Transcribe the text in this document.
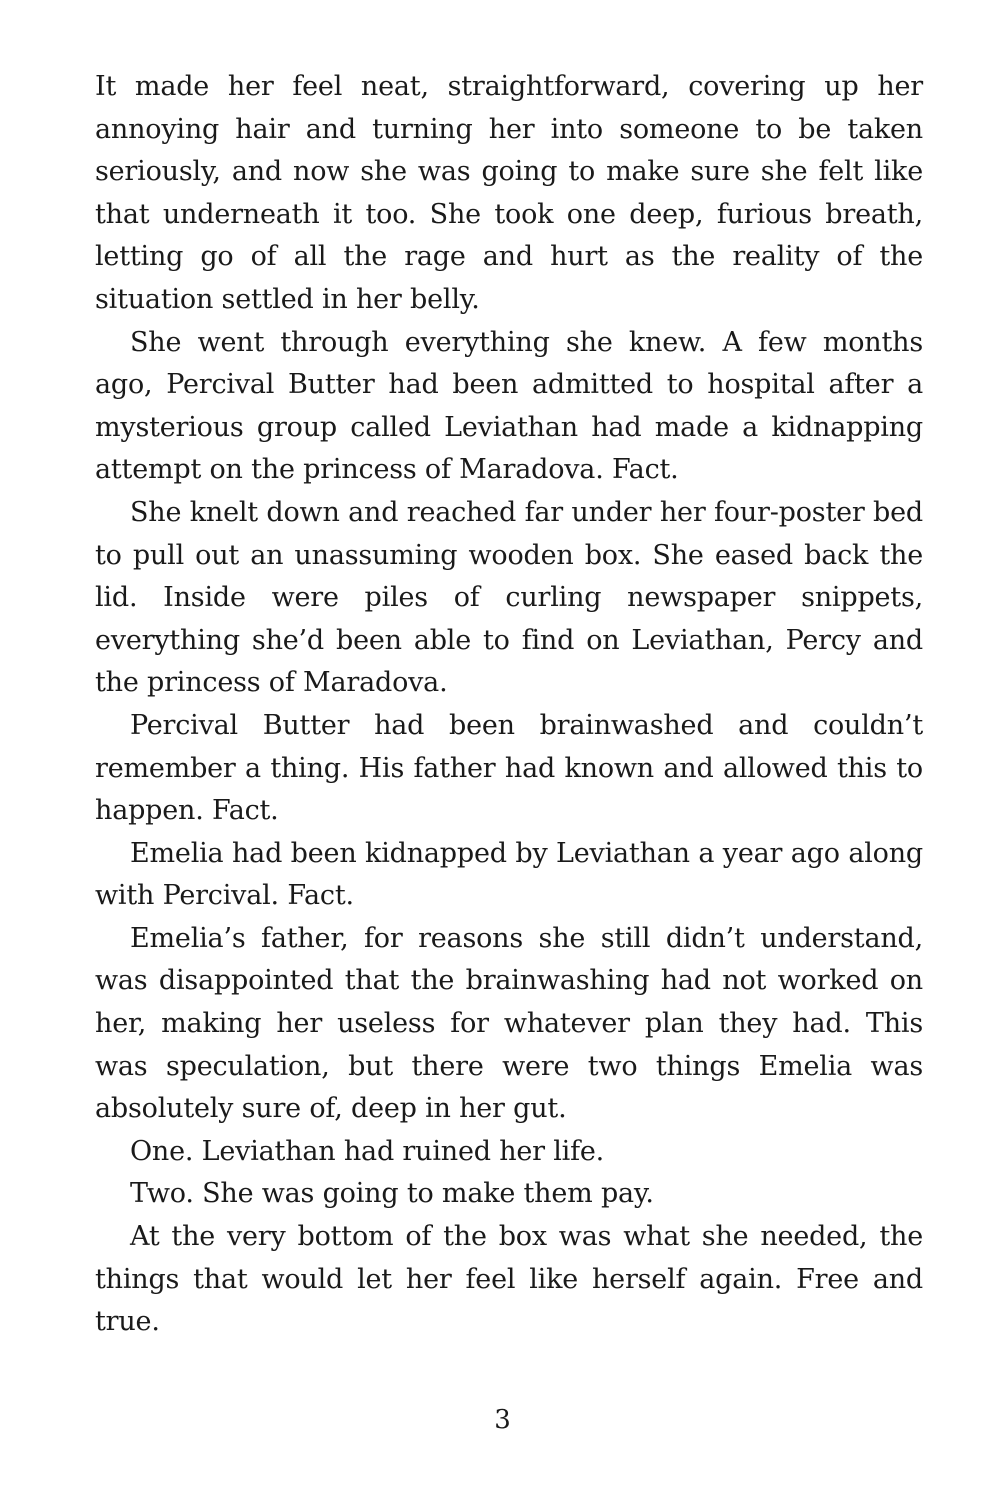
It made her feel neat, straightforward, covering up her annoying hair and turning her into someone to be taken seriously, and now she was going to make sure she felt like that underneath it too. She took one deep, furious breath, letting go of all the rage and hurt as the reality of the situation settled in her belly.

She went through everything she knew. A few months ago, Percival Butter had been admitted to hospital after a mysterious group called Leviathan had made a kidnapping attempt on the princess of Maradova. Fact.

She knelt down and reached far under her four-poster bed to pull out an unassuming wooden box. She eased back the lid. Inside were piles of curling newspaper snippets, everything she’d been able to find on Leviathan, Percy and the princess of Maradova.

Percival Butter had been brainwashed and couldn’t remember a thing. His father had known and allowed this to happen. Fact.

Emelia had been kidnapped by Leviathan a year ago along with Percival. Fact.

Emelia’s father, for reasons she still didn’t understand, was disappointed that the brainwashing had not worked on her, making her useless for whatever plan they had. This was speculation, but there were two things Emelia was absolutely sure of, deep in her gut.

One. Leviathan had ruined her life.

Two. She was going to make them pay.

At the very bottom of the box was what she needed, the things that would let her feel like herself again. Free and true.

3
